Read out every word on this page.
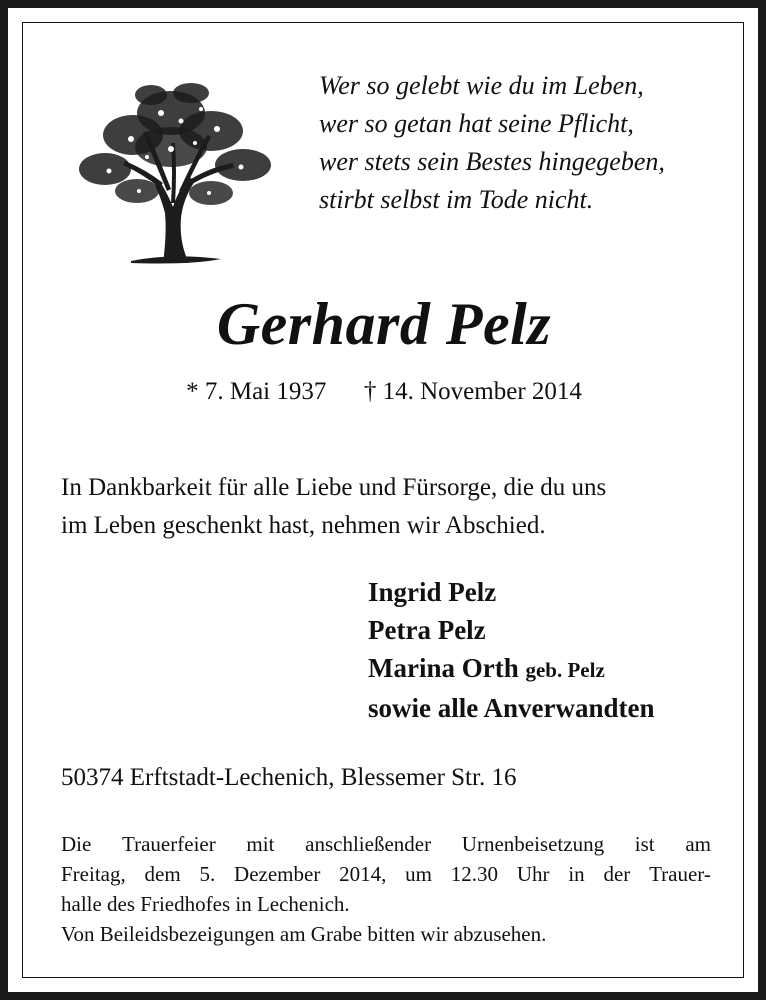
Wer so gelebt wie du im Leben,
wer so getan hat seine Pflicht,
wer stets sein Bestes hingegeben,
stirbt selbst im Tode nicht.
Gerhard Pelz
* 7. Mai 1937 † 14. November 2014
In Dankbarkeit für alle Liebe und Fürsorge, die du uns
im Leben geschenkt hast, nehmen wir Abschied.
Ingrid Pelz
Petra Pelz
Marina Orth geb. Pelz
sowie alle Anverwandten
50374 Erftstadt-Lechenich, Blessemer Str. 16
Die Trauerfeier mit anschließender Urnenbeisetzung ist am
Freitag, dem 5. Dezember 2014, um 12.30 Uhr in der Trauer-
halle des Friedhofes in Lechenich.
Von Beileidsbezeigungen am Grabe bitten wir abzusehen.
